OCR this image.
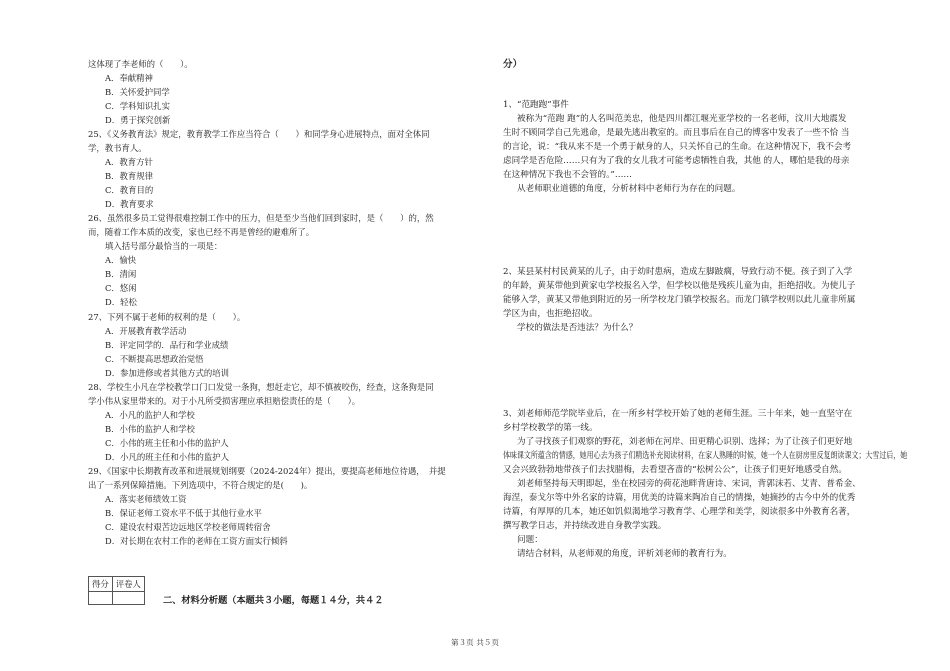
这体现了李老师的（　　）。
A．奉献精神
B．关怀爱护同学
C．学科知识扎实
D．勇于探究创新
25、《义务教育法》规定，教育教学工作应当符合（　　）和同学身心进展特点，面对全体同
学，教书育人。
A．教育方针
B．教育规律
C．教育目的
D．教育要求
26、虽然很多员工觉得很难控制工作中的压力，但是至少当他们回到家时，是（　　）的，然
而，随着工作本质的改变，家也已经不再是曾经的避难所了。
填入括号部分最恰当的一项是：
A．愉快
B．清闲
C．悠闲
D．轻松
27、下列不属于老师的权利的是（　　）。
A．开展教育教学活动
B．评定同学的．品行和学业成绩
C．不断提高思想政治觉悟
D．参加进修或者其他方式的培训
28、学校生小凡在学校教学口门口发觉一条狗，想赶走它，却不慎被咬伤，经查，这条狗是同
学小伟从家里带来的。对于小凡所受损害理应承担赔偿责任的是（　　）。
A．小凡的监护人和学校
B．小伟的监护人和学校
C．小伟的班主任和小伟的监护人
D．小凡的班主任和小伟的监护人
29、《国家中长期教育改革和进展规划纲要（2024-2024年）提出，要提高老师地位待遇，　并提
出了一系列保障措施。下列选项中，不符合规定的是(　　)。
A．落实老师绩效工资
B．保证老师工资水平不低于其他行业水平
C．建设农村艰苦边远地区学校老师周转宿舍
D．对长期在农村工作的老师在工资方面实行倾斜
分）
1、“范跑跑”事件
被称为“范跑 跑”的人名叫范美忠，他是四川都江堰光亚学校的一名老师，汶川大地震发
生时不顾同学自己先逃命，是最先逃出教室的。而且事后在自己的博客中发表了一些不恰 当
的言论，说：“我从来不是一个勇于献身的人，只关怀自己的生命。在这种情况下，我不会考
虑同学是否危险……只有为了我的女儿我才可能考虑牺牲自我，其他 的人，哪怕是我的母亲
在这种情况下我也不会管的。”……
从老师职业道德的角度，分析材料中老师行为存在的问题。
2、某县某村村民黄某的儿子，由于幼时患病，造成左脚跛瘸，导致行动不便。孩子到了入学
的年龄，黄某带他到黄家屯学校报名入学，但学校以他是残疾儿童为由，拒绝招收。为使儿子
能够入学，黄某又带他到附近的另一所学校龙门镇学校报名。而龙门镇学校则以此儿童非所属
学区为由，也拒绝招收。
学校的做法是否违法？为什么？
3、刘老师师范学院毕业后，在一所乡村学校开始了她的老师生涯。三十年来，她一直坚守在
乡村学校教学的第一线。
为了寻找孩子们观察的野花，刘老师在河岸、田更精心识别、选择；为了让孩子们更好地
体味课文所蕴含的情感，她用心去为孩子们精选补充阅读材料，在家人熟睡的时候，她一个人在厨房里反复朗读课文；大雪过后，她
又会兴致勃勃地带孩子们去找腊梅，去看望吝啬的“松树公公”，让孩子们更好地感受自然。
刘老师坚持每天明即起，坐在校园旁的荷花池畔背唐诗、宋词，背郭沫若、艾青、普希金、
海涅，泰戈尔等中外名家的诗篇，用优美的诗篇来陶冶自己的情操，她摘抄的古今中外的优秀
诗篇，有厚厚的几本，她还如饥似渴地学习教育学、心理学和美学，阅读很多中外教育名著，
撰写教学日志，并持续改进自身教学实践。
问题：
请结合材料，从老师观的角度，评析刘老师的教育行为。
得分	评卷人

二、材料分析题（本题共３小题，每题１４分，共４２
第３页 共５页
